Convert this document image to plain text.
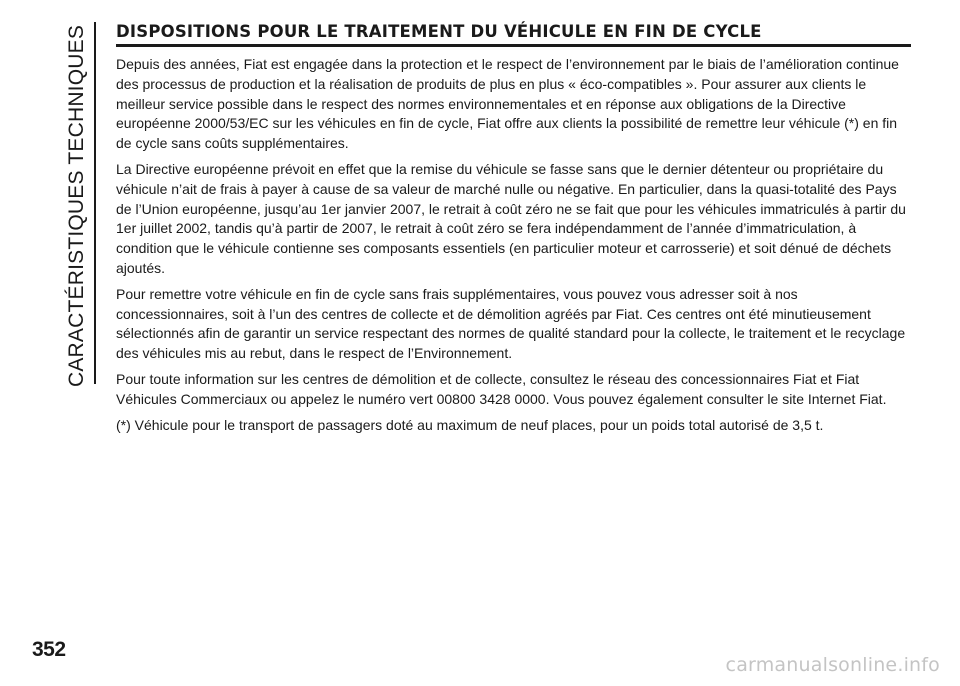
CARACTÉRISTIQUES TECHNIQUES DISPOSITIONS POUR LE TRAITEMENT DU VÉHICULE EN FIN DE CYCLE

Depuis des années, Fiat est engagée dans la protection et le respect de l’environnement par le biais de l’amélioration continue des processus de production et la réalisation de produits de plus en plus « éco-compatibles ». Pour assurer aux clients le meilleur service possible dans le respect des normes environnementales et en réponse aux obligations de la Directive européenne 2000/53/EC sur les véhicules en fin de cycle, Fiat offre aux clients la possibilité de remettre leur véhicule (*) en fin de cycle sans coûts supplémentaires.

La Directive européenne prévoit en effet que la remise du véhicule se fasse sans que le dernier détenteur ou propriétaire du véhicule n’ait de frais à payer à cause de sa valeur de marché nulle ou négative. En particulier, dans la quasi-totalité des Pays de l’Union européenne, jusqu’au 1er janvier 2007, le retrait à coût zéro ne se fait que pour les véhicules immatriculés à partir du 1er juillet 2002, tandis qu’à partir de 2007, le retrait à coût zéro se fera indépendamment de l’année d’immatriculation, à condition que le véhicule contienne ses composants essentiels (en particulier moteur et carrosserie) et soit dénué de déchets ajoutés.

Pour remettre votre véhicule en fin de cycle sans frais supplémentaires, vous pouvez vous adresser soit à nos concessionnaires, soit à l’un des centres de collecte et de démolition agréés par Fiat. Ces centres ont été minutieusement sélectionnés afin de garantir un service respectant des normes de qualité standard pour la collecte, le traitement et le recyclage des véhicules mis au rebut, dans le respect de l’Environnement.

Pour toute information sur les centres de démolition et de collecte, consultez le réseau des concessionnaires Fiat et Fiat Véhicules Commerciaux ou appelez le numéro vert 00800 3428 0000. Vous pouvez également consulter le site Internet Fiat.

(*) Véhicule pour le transport de passagers doté au maximum de neuf places, pour un poids total autorisé de 3,5 t.

352
carmanualsonline.info
